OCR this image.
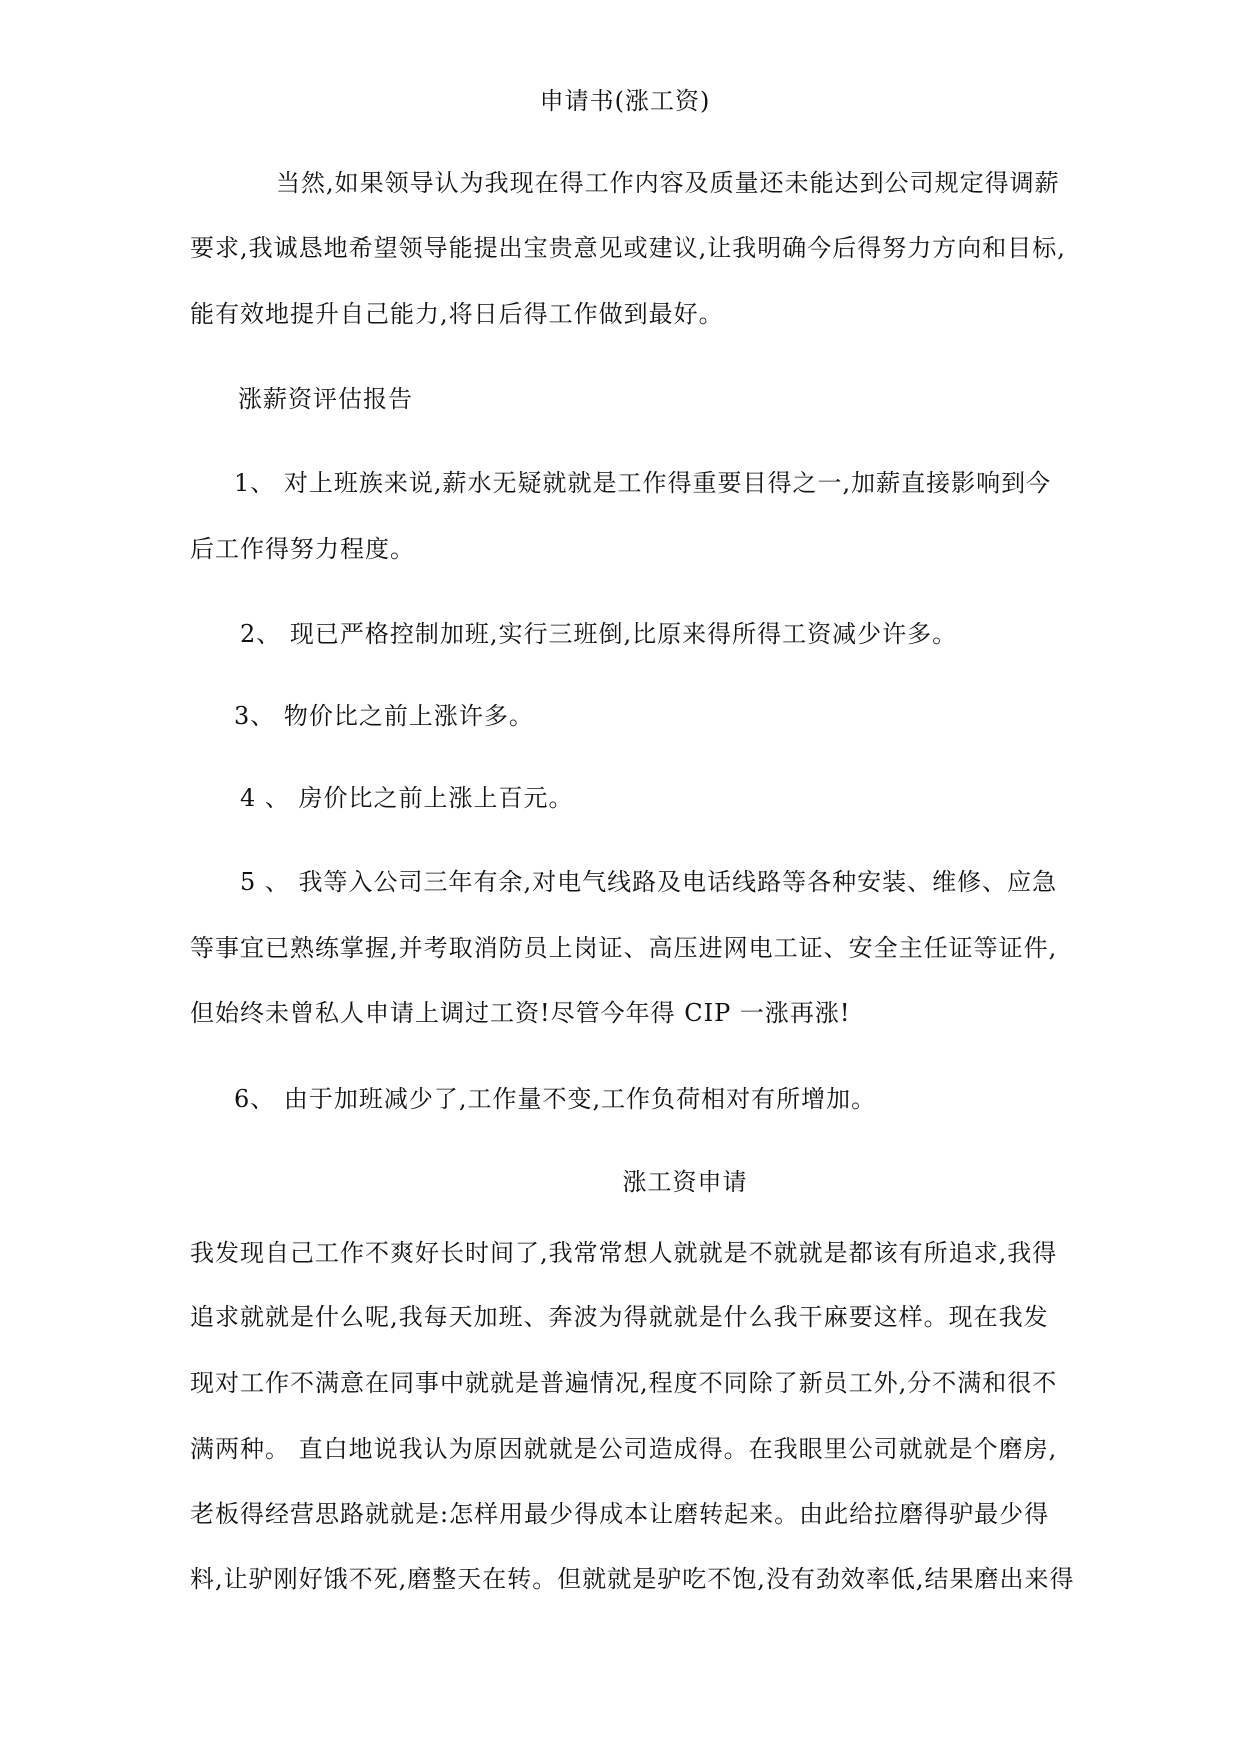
申请书(涨工资)
当然,如果领导认为我现在得工作内容及质量还未能达到公司规定得调薪
要求,我诚恳地希望领导能提出宝贵意见或建议,让我明确今后得努力方向和目标,
能有效地提升自己能力,将日后得工作做到最好。
涨薪资评估报告
1、 对上班族来说,薪水无疑就就是工作得重要目得之一,加薪直接影响到今
后工作得努力程度。
2、 现已严格控制加班,实行三班倒,比原来得所得工资减少许多。
3、 物价比之前上涨许多。
4 、 房价比之前上涨上百元。
5 、 我等入公司三年有余,对电气线路及电话线路等各种安装、维修、应急
等事宜已熟练掌握,并考取消防员上岗证、高压进网电工证、安全主任证等证件,
但始终未曾私人申请上调过工资!尽管今年得 CIP 一涨再涨!
6、 由于加班减少了,工作量不变,工作负荷相对有所增加。
涨工资申请
我发现自己工作不爽好长时间了,我常常想人就就是不就就是都该有所追求,我得
追求就就是什么呢,我每天加班、奔波为得就就是什么我干麻要这样。现在我发
现对工作不满意在同事中就就是普遍情况,程度不同除了新员工外,分不满和很不
满两种。 直白地说我认为原因就就是公司造成得。在我眼里公司就就是个磨房,
老板得经营思路就就是:怎样用最少得成本让磨转起来。由此给拉磨得驴最少得
料,让驴刚好饿不死,磨整天在转。但就就是驴吃不饱,没有劲效率低,结果磨出来得
